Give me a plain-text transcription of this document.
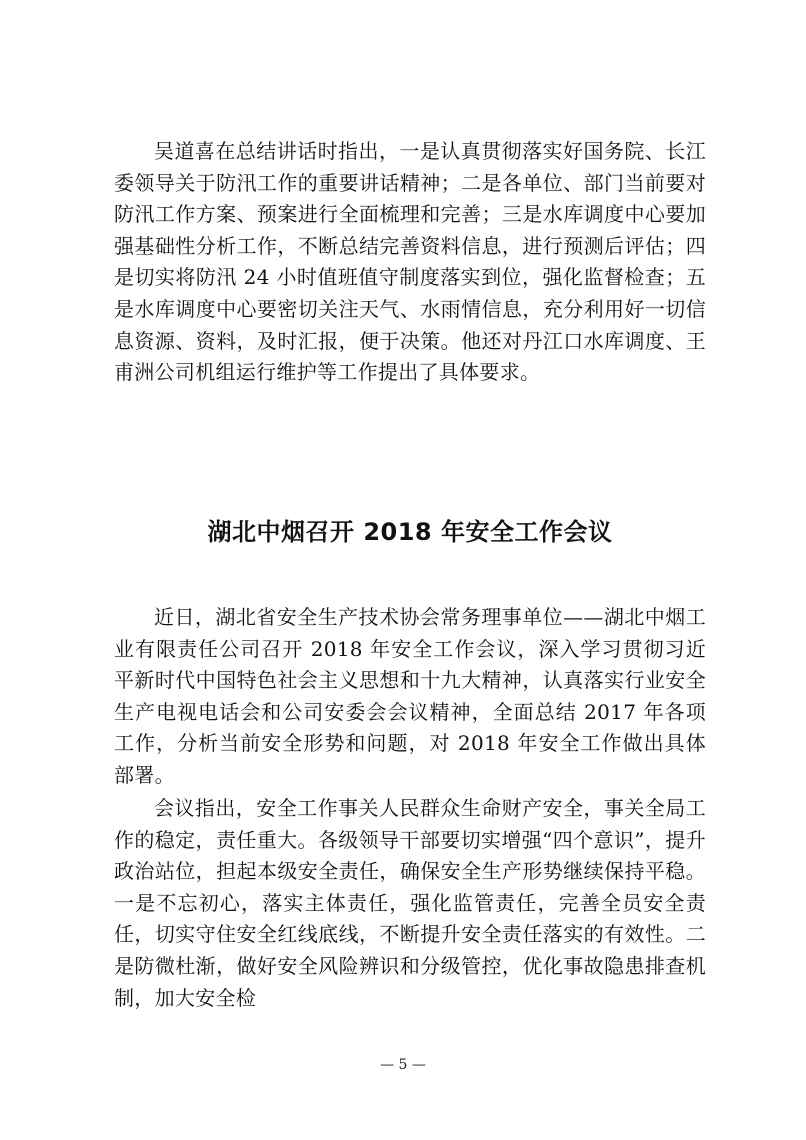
吴道喜在总结讲话时指出，一是认真贯彻落实好国务院、长江委领导关于防汛工作的重要讲话精神；二是各单位、部门当前要对防汛工作方案、预案进行全面梳理和完善；三是水库调度中心要加强基础性分析工作，不断总结完善资料信息，进行预测后评估；四是切实将防汛 24 小时值班值守制度落实到位，强化监督检查；五是水库调度中心要密切关注天气、水雨情信息，充分利用好一切信息资源、资料，及时汇报，便于决策。他还对丹江口水库调度、王甫洲公司机组运行维护等工作提出了具体要求。

湖北中烟召开 2018 年安全工作会议

近日，湖北省安全生产技术协会常务理事单位——湖北中烟工业有限责任公司召开 2018 年安全工作会议，深入学习贯彻习近平新时代中国特色社会主义思想和十九大精神，认真落实行业安全生产电视电话会和公司安委会会议精神，全面总结 2017 年各项工作，分析当前安全形势和问题，对 2018 年安全工作做出具体部署。

会议指出，安全工作事关人民群众生命财产安全，事关全局工作的稳定，责任重大。各级领导干部要切实增强“四个意识”，提升政治站位，担起本级安全责任，确保安全生产形势继续保持平稳。一是不忘初心，落实主体责任，强化监管责任，完善全员安全责任，切实守住安全红线底线，不断提升安全责任落实的有效性。二是防微杜渐，做好安全风险辨识和分级管控，优化事故隐患排查机制，加大安全检

— 5 —
